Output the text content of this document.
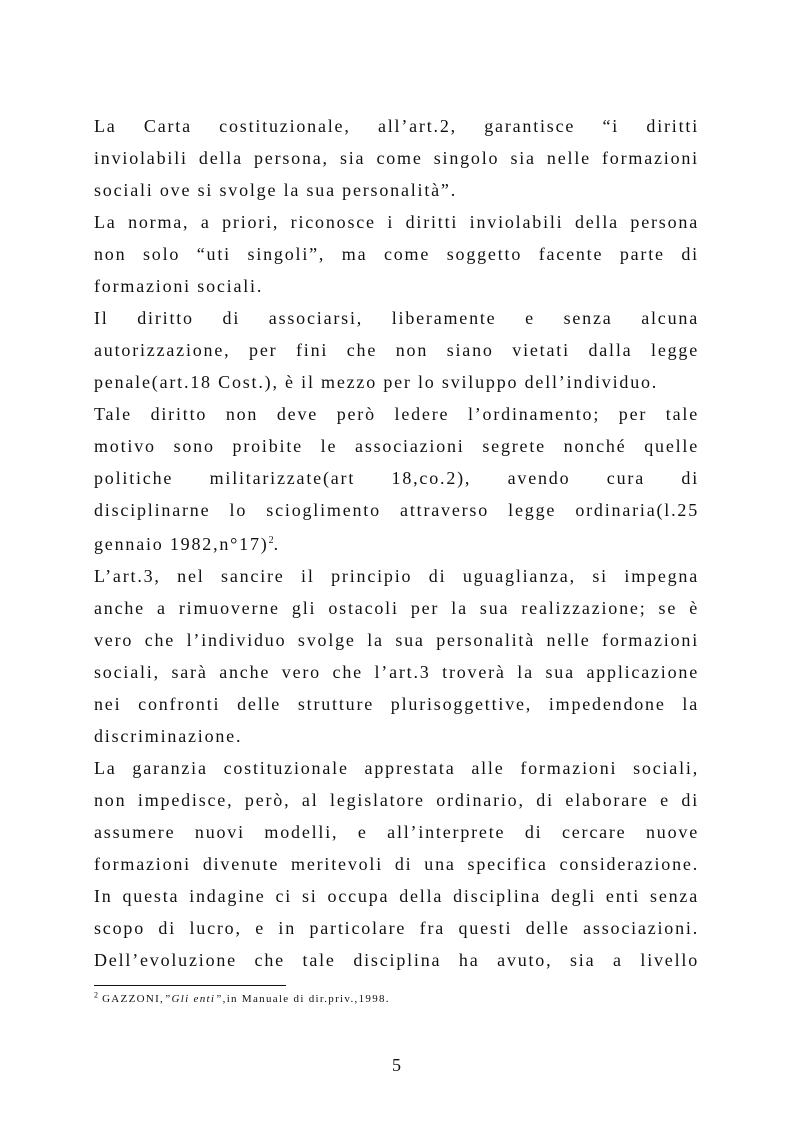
La Carta costituzionale, all’art.2, garantisce “i diritti
inviolabili della persona, sia come singolo sia nelle formazioni
sociali ove si svolge la sua personalità”.
La norma, a priori, riconosce i diritti inviolabili della persona
non solo “uti singoli”, ma come soggetto facente parte di
formazioni sociali.
Il diritto di associarsi, liberamente e senza alcuna
autorizzazione, per fini che non siano vietati dalla legge
penale(art.18 Cost.), è il mezzo per lo sviluppo dell’individuo.
Tale diritto non deve però ledere l’ordinamento; per tale
motivo sono proibite le associazioni segrete nonché quelle
politiche militarizzate(art 18,co.2), avendo cura di
disciplinarne lo scioglimento attraverso legge ordinaria(l.25
gennaio 1982,n°17)$^2$.
L’art.3, nel sancire il principio di uguaglianza, si impegna
anche a rimuoverne gli ostacoli per la sua realizzazione; se è
vero che l’individuo svolge la sua personalità nelle formazioni
sociali, sarà anche vero che l’art.3 troverà la sua applicazione
nei confronti delle strutture plurisoggettive, impedendone la
discriminazione.
La garanzia costituzionale apprestata alle formazioni sociali,
non impedisce, però, al legislatore ordinario, di elaborare e di
assumere nuovi modelli, e all’interprete di cercare nuove
formazioni divenute meritevoli di una specifica considerazione.
In questa indagine ci si occupa della disciplina degli enti senza
scopo di lucro, e in particolare fra questi delle associazioni.
Dell’evoluzione che tale disciplina ha avuto, sia a livello
$^2$ GAZZONI,”Gli enti”,in Manuale di dir.priv.,1998.
5
